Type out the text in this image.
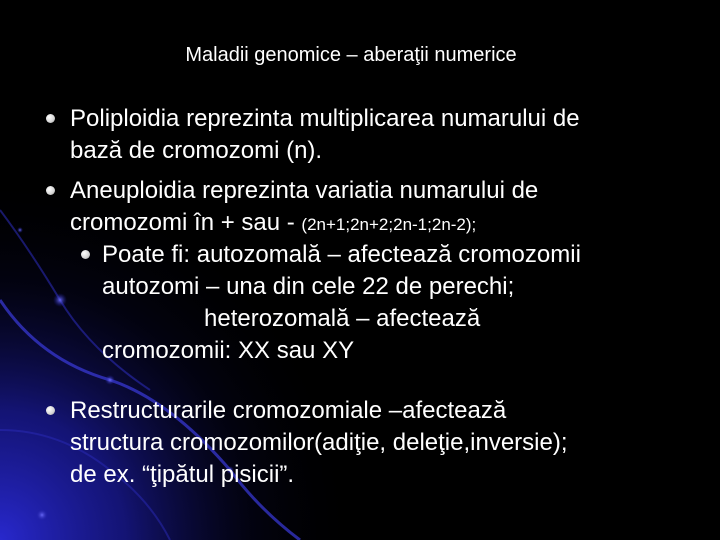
Maladii genomice – aberaţii numerice
Poliploidia reprezinta multiplicarea numarului de
bază de cromozomi (n).
Aneuploidia reprezinta variatia numarului de
cromozomi în + sau - (2n+1;2n+2;2n-1;2n-2);
Poate fi: autozomală – afectează cromozomii
autozomi – una din cele 22 de perechi;
heterozomală – afectează
cromozomii: XX sau XY
Restructurarile cromozomiale –afectează
structura cromozomilor(adiţie, deleţie,inversie);
de ex. “ţipătul pisicii”.
